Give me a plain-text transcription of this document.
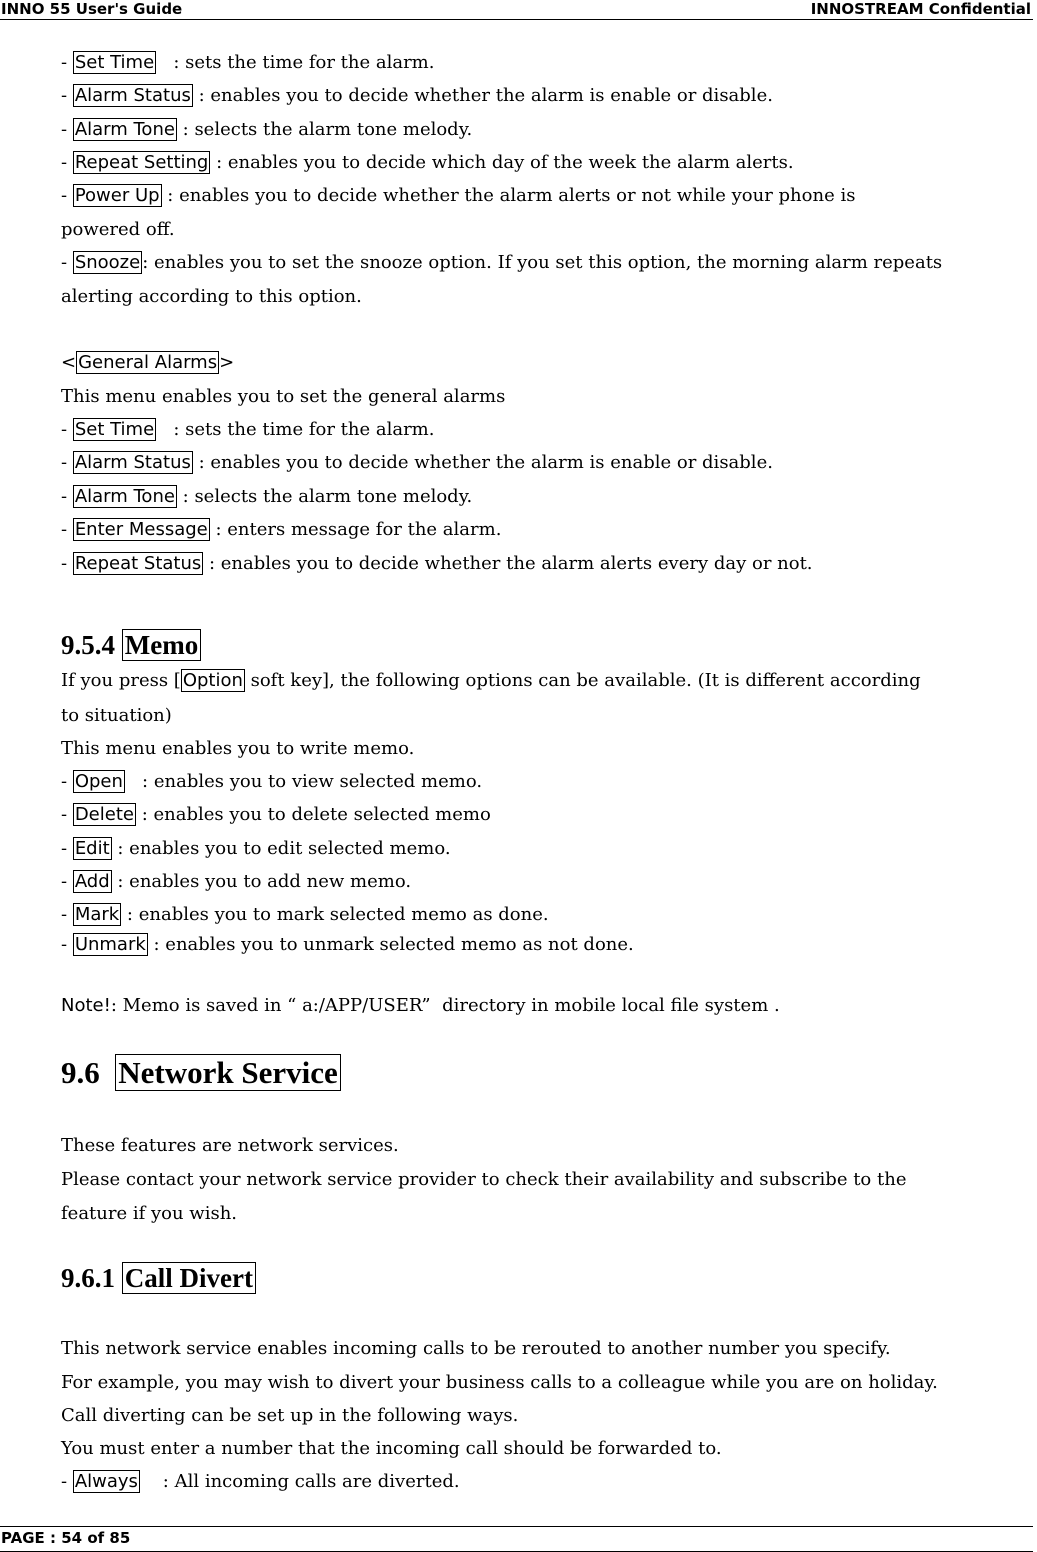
INNO 55 User's Guide	INNOSTREAM Confidential
- Set Time   : sets the time for the alarm.
- Alarm Status : enables you to decide whether the alarm is enable or disable.
- Alarm Tone : selects the alarm tone melody.
- Repeat Setting : enables you to decide which day of the week the alarm alerts.
- Power Up : enables you to decide whether the alarm alerts or not while your phone is
powered off.
- Snooze : enables you to set the snooze option. If you set this option, the morning alarm repeats
alerting according to this option.
< General Alarms >
This menu enables you to set the general alarms
- Set Time   : sets the time for the alarm.
- Alarm Status : enables you to decide whether the alarm is enable or disable.
- Alarm Tone : selects the alarm tone melody.
- Enter Message : enters message for the alarm.
- Repeat Status : enables you to decide whether the alarm alerts every day or not.
9.5.4 Memo
If you press [ Option soft key], the following options can be available. (It is different according
to situation)
This menu enables you to write memo.
- Open   : enables you to view selected memo.
- Delete : enables you to delete selected memo
- Edit : enables you to edit selected memo.
- Add : enables you to add new memo.
- Mark : enables you to mark selected memo as done.
- Unmark : enables you to unmark selected memo as not done.
Note!: Memo is saved in “ a:/APP/USER”  directory in mobile local file system .
9.6  Network Service
These features are network services.
Please contact your network service provider to check their availability and subscribe to the
feature if you wish.
9.6.1 Call Divert
This network service enables incoming calls to be rerouted to another number you specify.
For example, you may wish to divert your business calls to a colleague while you are on holiday.
Call diverting can be set up in the following ways.
You must enter a number that the incoming call should be forwarded to.
- Always    : All incoming calls are diverted.
PAGE : 54 of 85
